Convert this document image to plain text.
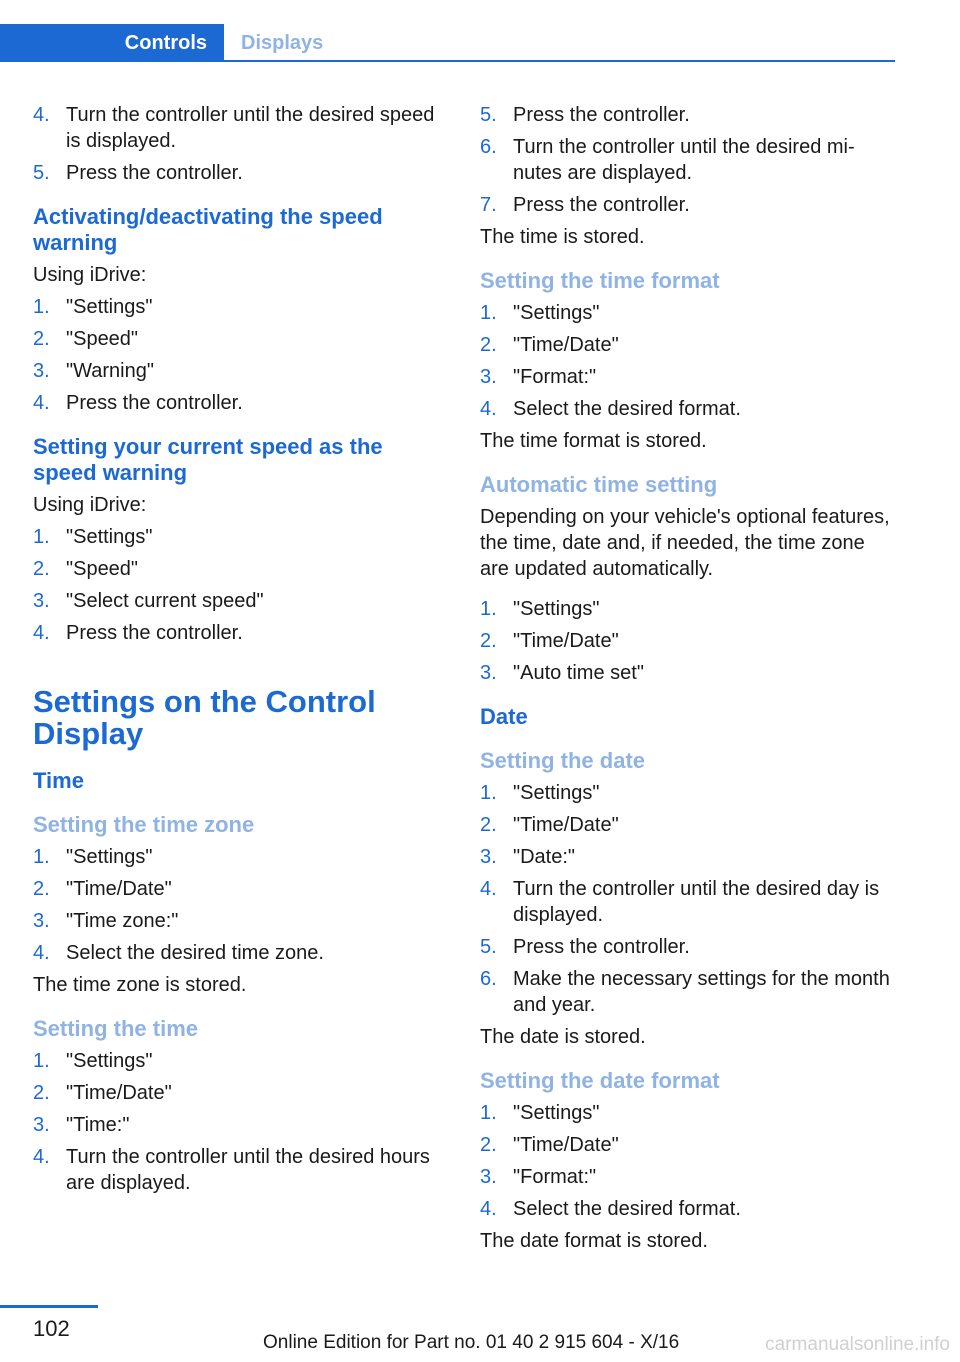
Controls	Displays
4. Turn the controller until the desired speed is displayed.
5. Press the controller.
Activating/deactivating the speed warning
Using iDrive:
1. "Settings"
2. "Speed"
3. "Warning"
4. Press the controller.
Setting your current speed as the speed warning
Using iDrive:
1. "Settings"
2. "Speed"
3. "Select current speed"
4. Press the controller.
Settings on the Control Display
Time
Setting the time zone
1. "Settings"
2. "Time/Date"
3. "Time zone:"
4. Select the desired time zone.
The time zone is stored.
Setting the time
1. "Settings"
2. "Time/Date"
3. "Time:"
4. Turn the controller until the desired hours are displayed.
5. Press the controller.
6. Turn the controller until the desired mi-nutes are displayed.
7. Press the controller.
The time is stored.
Setting the time format
1. "Settings"
2. "Time/Date"
3. "Format:"
4. Select the desired format.
The time format is stored.
Automatic time setting
Depending on your vehicle's optional features, the time, date and, if needed, the time zone are updated automatically.
1. "Settings"
2. "Time/Date"
3. "Auto time set"
Date
Setting the date
1. "Settings"
2. "Time/Date"
3. "Date:"
4. Turn the controller until the desired day is displayed.
5. Press the controller.
6. Make the necessary settings for the month and year.
The date is stored.
Setting the date format
1. "Settings"
2. "Time/Date"
3. "Format:"
4. Select the desired format.
The date format is stored.
102
Online Edition for Part no. 01 40 2 915 604 - X/16	carmanualsonline.info
